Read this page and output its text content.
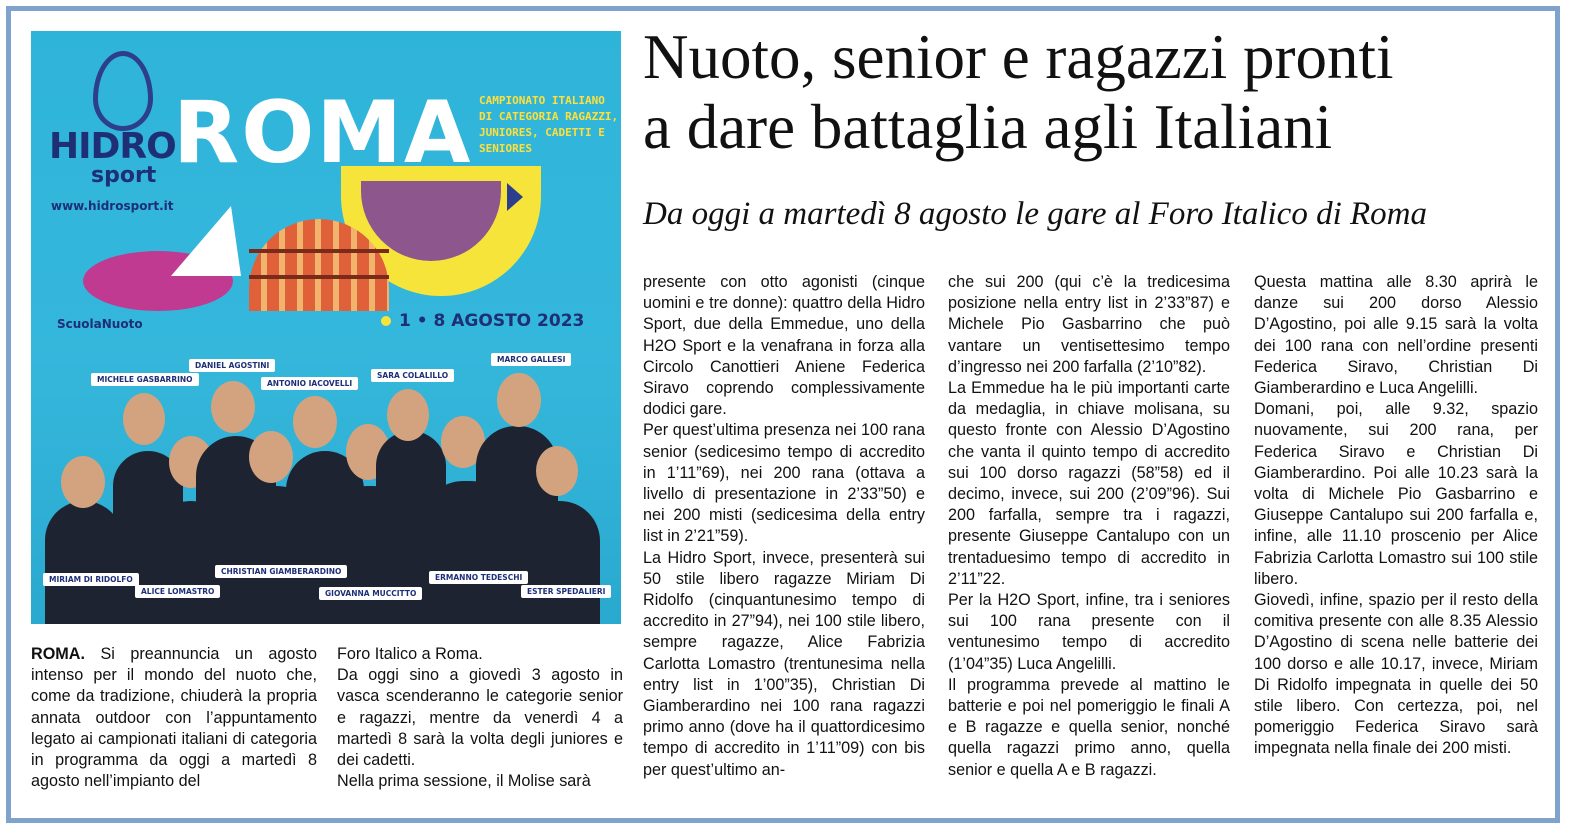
HIDRO
sport
www.hidrosport.it
ROMA CAMPIONATO ITALIANO DI CATEGORIA RAGAZZI, JUNIORES, CADETTI E SENIORES
ScuolaNuoto	1 • 8 AGOSTO 2023
MICHELE GASBARRINO
DANIEL AGOSTINI
ANTONIO IACOVELLI
SARA COLALILLO
MARCO GALLESI
MIRIAM DI RIDOLFO
ALICE LOMASTRO
CHRISTIAN GIAMBERARDINO
GIOVANNA MUCCITTO
ERMANNO TEDESCHI
ESTER SPEDALIERI
Nuoto, senior e ragazzi pronti
a dare battaglia agli Italiani
Da oggi a martedì 8 agosto le gare al Foro Italico di Roma

ROMA. Si preannuncia un agosto intenso per il mondo del nuoto che, come da tradizione, chiuderà la propria annata outdoor con l’appuntamento legato ai campionati italiani di categoria in programma da oggi a martedì 8 agosto nell’impianto del

Foro Italico a Roma.

Da oggi sino a giovedì 3 agosto in vasca scenderanno le categorie senior e ragazzi, mentre da venerdì 4 a martedì 8 sarà la volta degli juniores e dei cadetti.

Nella prima sessione, il Molise sarà

presente con otto agonisti (cinque uomini e tre donne): quattro della Hidro Sport, due della Emmedue, uno della H2O Sport e la venafrana in forza alla Circolo Canottieri Aniene Federica Siravo coprendo complessivamente dodici gare.

Per quest’ultima presenza nei 100 rana senior (sedicesimo tempo di accredito in 1’11”69), nei 200 rana (ottava a livello di presentazione in 2’33”50) e nei 200 misti (sedicesima della entry list in 2’21”59).

La Hidro Sport, invece, presenterà sui 50 stile libero ragazze Miriam Di Ridolfo (cinquantunesimo tempo di accredito in 27”94), nei 100 stile libero, sempre ragazze, Alice Fabrizia Carlotta Lomastro (trentunesima nella entry list in 1’00”35), Christian Di Giamberardino nei 100 rana ragazzi primo anno (dove ha il quattordicesimo tempo di accredito in 1’11”09) con bis per quest’ultimo an-

che sui 200 (qui c’è la tredicesima posizione nella entry list in 2’33”87) e Michele Pio Gasbarrino che può vantare un ventisettesimo tempo d’ingresso nei 200 farfalla (2’10”82).

La Emmedue ha le più importanti carte da medaglia, in chiave molisana, su questo fronte con Alessio D’Agostino che vanta il quinto tempo di accredito sui 100 dorso ragazzi (58”58) ed il decimo, invece, sui 200 (2’09”96). Sui 200 farfalla, sempre tra i ragazzi, presente Giuseppe Cantalupo con un trentaduesimo tempo di accredito in 2’11”22.

Per la H2O Sport, infine, tra i seniores sui 100 rana presente con il ventunesimo tempo di accredito (1’04”35) Luca Angelilli.

Il programma prevede al mattino le batterie e poi nel pomeriggio le finali A e B ragazze e quella senior, nonché quella ragazzi primo anno, quella senior e quella A e B ragazzi.

Questa mattina alle 8.30 aprirà le danze sui 200 dorso Alessio D’Agostino, poi alle 9.15 sarà la volta dei 100 rana con nell’ordine presenti Federica Siravo, Christian Di Giamberardino e Luca Angelilli.

Domani, poi, alle 9.32, spazio nuovamente, sui 200 rana, per Federica Siravo e Christian Di Giamberardino. Poi alle 10.23 sarà la volta di Michele Pio Gasbarrino e Giuseppe Cantalupo sui 200 farfalla e, infine, alle 11.10 proscenio per Alice Fabrizia Carlotta Lomastro sui 100 stile libero.

Giovedì, infine, spazio per il resto della comitiva presente con alle 8.35 Alessio D’Agostino di scena nelle batterie dei 100 dorso e alle 10.17, invece, Miriam Di Ridolfo impegnata in quelle dei 50 stile libero. Con certezza, poi, nel pomeriggio Federica Siravo sarà impegnata nella finale dei 200 misti.
